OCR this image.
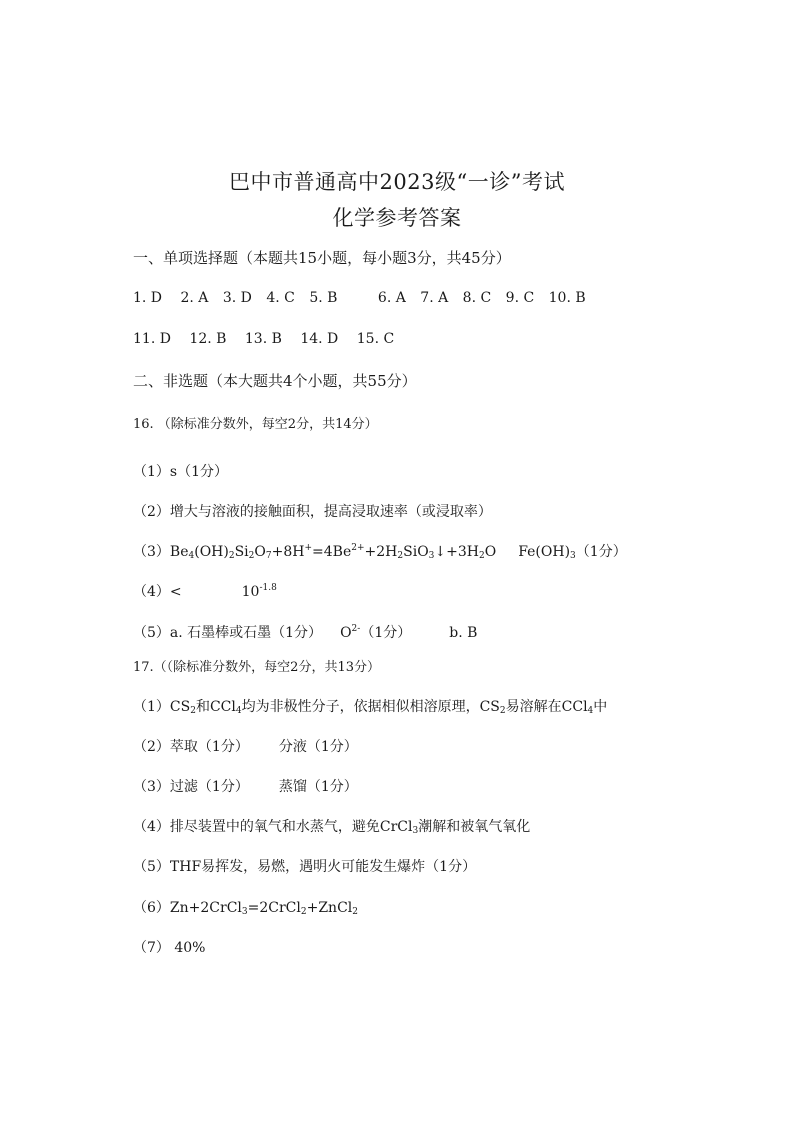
巴中市普通高中2023级“一诊”考试
化学参考答案
一、单项选择题（本题共15小题，每小题3分，共45分）
1. D 2. A 3. D 4. C 5. B	6. A 7. A 8. C 9. C 10. B
11. D 12. B 13. B 14. D 15. C
二、非选题（本大题共4个小题，共55分）
16. （除标准分数外，每空2分，共14分）
（1）s（1分）
（2）增大与溶液的接触面积，提高浸取速率（或浸取率）
$(3)Be_4(OH)_2Si_2O_7+8H^+=4Be^{2+}+2H_2SiO_3↓+3H_2O$ $Fe(OH)_3(1$分）
（4）<	$10^{-1.8}$
（5）a. 石墨棒或石墨（1分） $O^{2-}(1$分）	b. B
17.（（除标准分数外，每空2分，共13分）
$(1)CS_2$和CCl$_4$均为非极性分子，依据相似相溶原理，$CS_2$易溶解在CCl$_4$中
（2）萃取（1分） 分液（1分）
（3）过滤（1分） 蒸馏（1分）
（4）排尽装置中的氧气和水蒸气，避免CrCl$_3$潮解和被氧气氧化
（5）THF易挥发，易燃，遇明火可能发生爆炸（1分）
（6）Zn+2CrCl$_3$=2CrCl$_2$+ZnCl$_2$
（7） 40%
